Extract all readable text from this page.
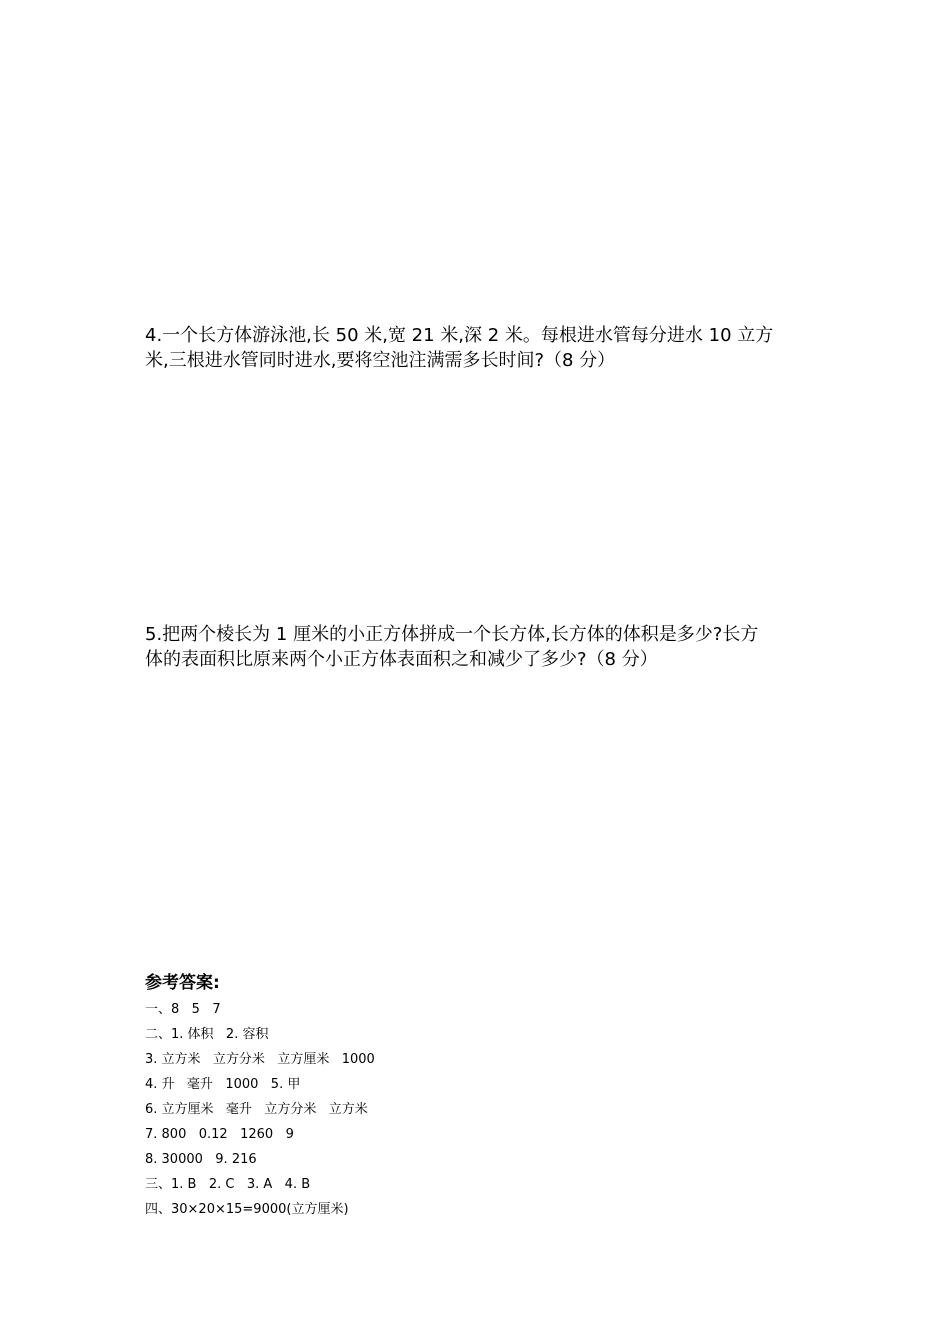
4.一个长方体游泳池,长 50 米,宽 21 米,深 2 米。每根进水管每分进水 10 立方

米,三根进水管同时进水,要将空池注满需多长时间?（8 分）

5.把两个棱长为 1 厘米的小正方体拼成一个长方体,长方体的体积是多少?长方

体的表面积比原来两个小正方体表面积之和减少了多少?（8 分）

参考答案:

一、8   5   7

二、1. 体积   2. 容积

3. 立方米   立方分米   立方厘米   1000

4. 升   毫升   1000   5. 甲

6. 立方厘米   毫升   立方分米   立方米

7. 800   0.12   1260   9

8. 30000   9. 216

三、1. B   2. C   3. A   4. B

四、30×20×15=9000(立方厘米)
